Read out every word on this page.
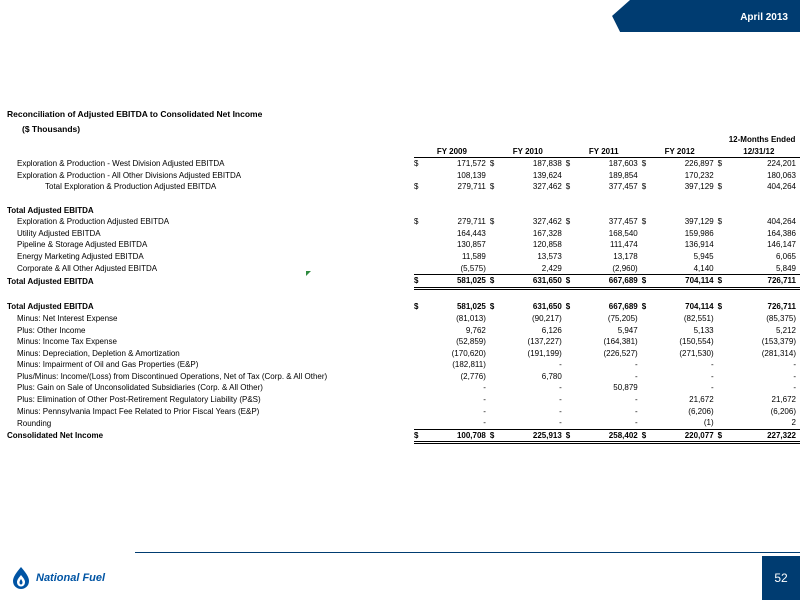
April 2013
Reconciliation of Adjusted EBITDA to Consolidated Net Income
($ Thousands)
										12-Months Ended
	FY 2009		FY 2010		FY 2011		FY 2012		12/31/12	
Exploration & Production - West Division Adjusted EBITDA	$	171,572	$	187,838	$	187,603	$	226,897	$	224,201
Exploration & Production - All Other Divisions Adjusted EBITDA		108,139		139,624		189,854		170,232		180,063
Total Exploration & Production Adjusted EBITDA	$	279,711	$	327,462	$	377,457	$	397,129	$	404,264

Total Adjusted EBITDA										
Exploration & Production Adjusted EBITDA	$	279,711	$	327,462	$	377,457	$	397,129	$	404,264
Utility Adjusted EBITDA		164,443		167,328		168,540		159,986		164,386
Pipeline & Storage Adjusted EBITDA		130,857		120,858		111,474		136,914		146,147
Energy Marketing Adjusted EBITDA		11,589		13,573		13,178		5,945		6,065
Corporate & All Other Adjusted EBITDA		(5,575)		2,429		(2,960)		4,140		5,849
Total Adjusted EBITDA	$	581,025	$	631,650	$	667,689	$	704,114	$	726,711

Total Adjusted EBITDA	$	581,025	$	631,650	$	667,689	$	704,114	$	726,711
Minus: Net Interest Expense		(81,013)		(90,217)		(75,205)		(82,551)		(85,375)
Plus: Other Income		9,762		6,126		5,947		5,133		5,212
Minus: Income Tax Expense		(52,859)		(137,227)		(164,381)		(150,554)		(153,379)
Minus: Depreciation, Depletion & Amortization		(170,620)		(191,199)		(226,527)		(271,530)		(281,314)
Minus: Impairment of Oil and Gas Properties (E&P)		(182,811)		-		-		-		-
Plus/Minus: Income/(Loss) from Discontinued Operations, Net of Tax (Corp. & All Other)		(2,776)		6,780		-		-		-
Plus: Gain on Sale of Unconsolidated Subsidiaries (Corp. & All Other)		-		-		50,879		-		-
Plus: Elimination of Other Post-Retirement Regulatory Liability (P&S)		-		-		-		21,672		21,672
Minus: Pennsylvania Impact Fee Related to Prior Fiscal Years (E&P)		-		-		-		(6,206)		(6,206)
Rounding		-		-		-		(1)		2
Consolidated Net Income	$	100,708	$	225,913	$	258,402	$	220,077	$	227,322
National Fuel	52
